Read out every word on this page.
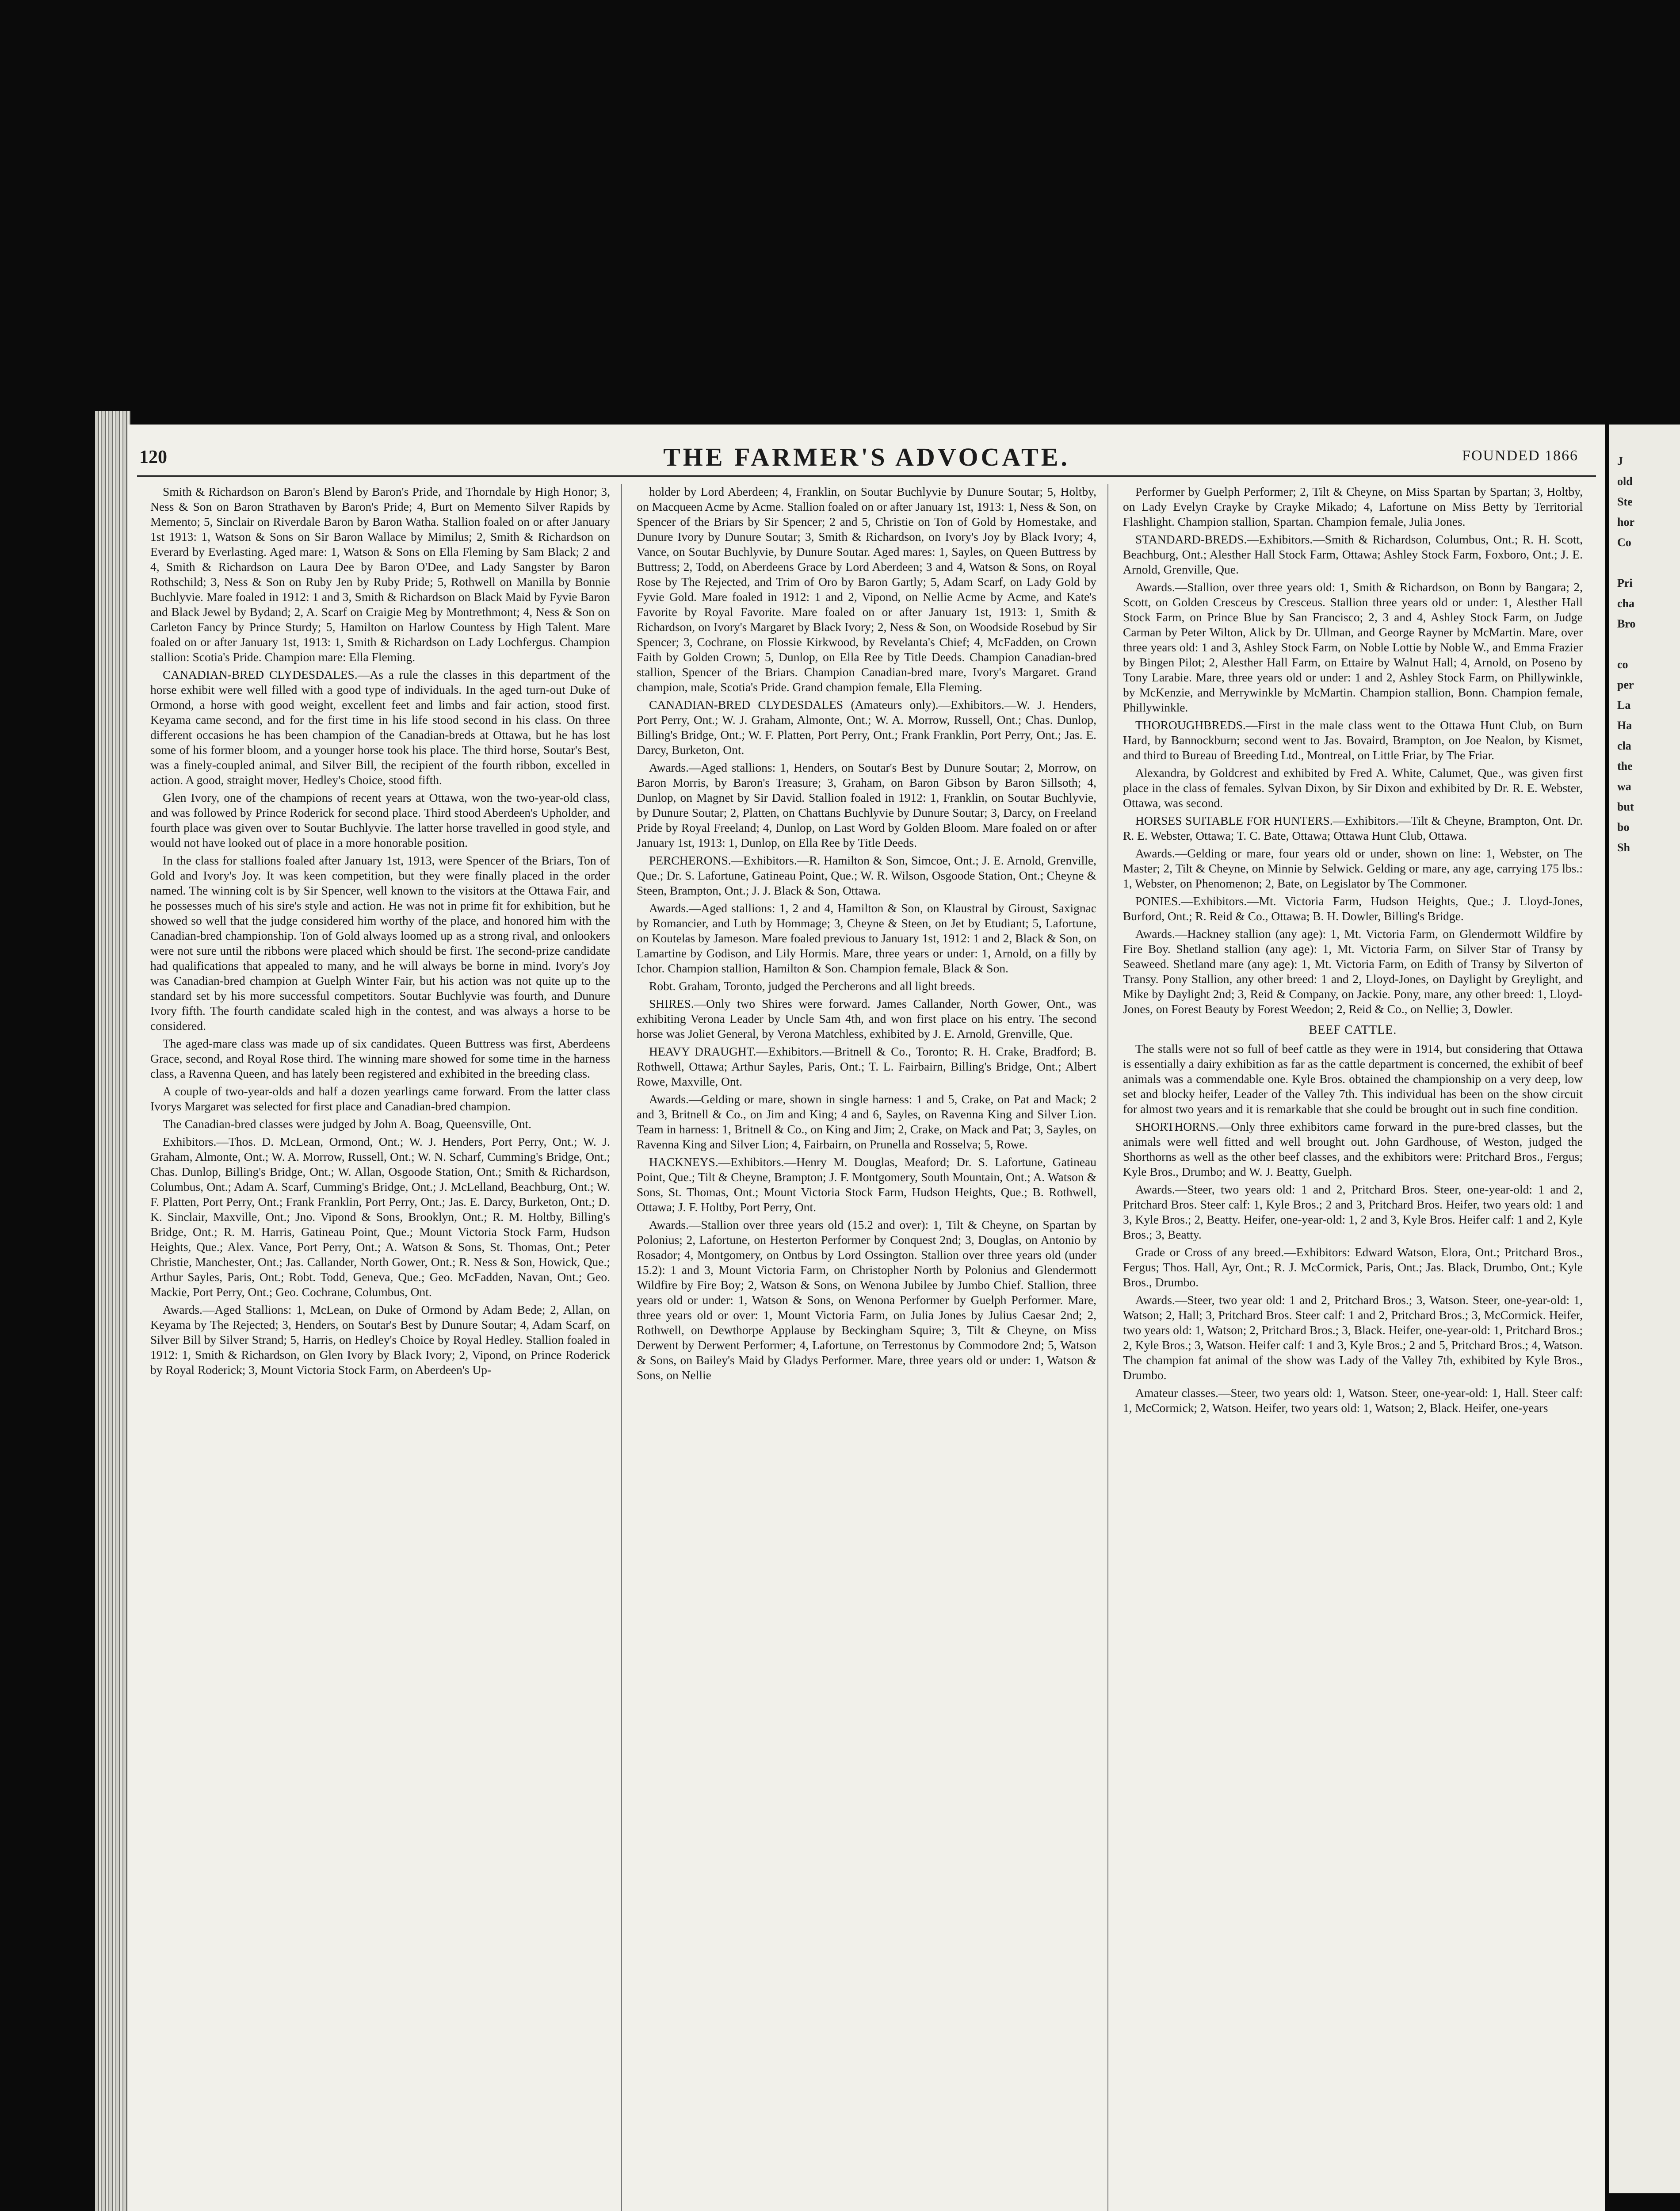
120	THE FARMER'S ADVOCATE.	FOUNDED 1866

Smith & Richardson on Baron's Blend by Baron's Pride, and Thorndale by High Honor; 3, Ness & Son on Baron Strathaven by Baron's Pride; 4, Burt on Memento Silver Rapids by Memento; 5, Sinclair on Riverdale Baron by Baron Watha. Stallion foaled on or after January 1st 1913: 1, Watson & Sons on Sir Baron Wallace by Mimilus; 2, Smith & Richardson on Everard by Everlasting. Aged mare: 1, Watson & Sons on Ella Fleming by Sam Black; 2 and 4, Smith & Richardson on Laura Dee by Baron O'Dee, and Lady Sangster by Baron Rothschild; 3, Ness & Son on Ruby Jen by Ruby Pride; 5, Rothwell on Manilla by Bonnie Buchlyvie. Mare foaled in 1912: 1 and 3, Smith & Richardson on Black Maid by Fyvie Baron and Black Jewel by Bydand; 2, A. Scarf on Craigie Meg by Montrethmont; 4, Ness & Son on Carleton Fancy by Prince Sturdy; 5, Hamilton on Harlow Countess by High Talent. Mare foaled on or after January 1st, 1913: 1, Smith & Richardson on Lady Lochfergus. Champion stallion: Scotia's Pride. Champion mare: Ella Fleming.

CANADIAN-BRED CLYDESDALES.—As a rule the classes in this department of the horse exhibit were well filled with a good type of individuals. In the aged turn-out Duke of Ormond, a horse with good weight, excellent feet and limbs and fair action, stood first. Keyama came second, and for the first time in his life stood second in his class. On three different occasions he has been champion of the Canadian-breds at Ottawa, but he has lost some of his former bloom, and a younger horse took his place. The third horse, Soutar's Best, was a finely-coupled animal, and Silver Bill, the recipient of the fourth ribbon, excelled in action. A good, straight mover, Hedley's Choice, stood fifth.

Glen Ivory, one of the champions of recent years at Ottawa, won the two-year-old class, and was followed by Prince Roderick for second place. Third stood Aberdeen's Upholder, and fourth place was given over to Soutar Buchlyvie. The latter horse travelled in good style, and would not have looked out of place in a more honorable position.

In the class for stallions foaled after January 1st, 1913, were Spencer of the Briars, Ton of Gold and Ivory's Joy. It was keen competition, but they were finally placed in the order named. The winning colt is by Sir Spencer, well known to the visitors at the Ottawa Fair, and he possesses much of his sire's style and action. He was not in prime fit for exhibition, but he showed so well that the judge considered him worthy of the place, and honored him with the Canadian-bred championship. Ton of Gold always loomed up as a strong rival, and onlookers were not sure until the ribbons were placed which should be first. The second-prize candidate had qualifications that appealed to many, and he will always be borne in mind. Ivory's Joy was Canadian-bred champion at Guelph Winter Fair, but his action was not quite up to the standard set by his more successful competitors. Soutar Buchlyvie was fourth, and Dunure Ivory fifth. The fourth candidate scaled high in the contest, and was always a horse to be considered.

The aged-mare class was made up of six candidates. Queen Buttress was first, Aberdeens Grace, second, and Royal Rose third. The winning mare showed for some time in the harness class, a Ravenna Queen, and has lately been registered and exhibited in the breeding class.

A couple of two-year-olds and half a dozen yearlings came forward. From the latter class Ivorys Margaret was selected for first place and Canadian-bred champion.

The Canadian-bred classes were judged by John A. Boag, Queensville, Ont.

Exhibitors.—Thos. D. McLean, Ormond, Ont.; W. J. Henders, Port Perry, Ont.; W. J. Graham, Almonte, Ont.; W. A. Morrow, Russell, Ont.; W. N. Scharf, Cumming's Bridge, Ont.; Chas. Dunlop, Billing's Bridge, Ont.; W. Allan, Osgoode Station, Ont.; Smith & Richardson, Columbus, Ont.; Adam A. Scarf, Cumming's Bridge, Ont.; J. McLelland, Beachburg, Ont.; W. F. Platten, Port Perry, Ont.; Frank Franklin, Port Perry, Ont.; Jas. E. Darcy, Burketon, Ont.; D. K. Sinclair, Maxville, Ont.; Jno. Vipond & Sons, Brooklyn, Ont.; R. M. Holtby, Billing's Bridge, Ont.; R. M. Harris, Gatineau Point, Que.; Mount Victoria Stock Farm, Hudson Heights, Que.; Alex. Vance, Port Perry, Ont.; A. Watson & Sons, St. Thomas, Ont.; Peter Christie, Manchester, Ont.; Jas. Callander, North Gower, Ont.; R. Ness & Son, Howick, Que.; Arthur Sayles, Paris, Ont.; Robt. Todd, Geneva, Que.; Geo. McFadden, Navan, Ont.; Geo. Mackie, Port Perry, Ont.; Geo. Cochrane, Columbus, Ont.

Awards.—Aged Stallions: 1, McLean, on Duke of Ormond by Adam Bede; 2, Allan, on Keyama by The Rejected; 3, Henders, on Soutar's Best by Dunure Soutar; 4, Adam Scarf, on Silver Bill by Silver Strand; 5, Harris, on Hedley's Choice by Royal Hedley. Stallion foaled in 1912: 1, Smith & Richardson, on Glen Ivory by Black Ivory; 2, Vipond, on Prince Roderick by Royal Roderick; 3, Mount Victoria Stock Farm, on Aberdeen's Up-

holder by Lord Aberdeen; 4, Franklin, on Soutar Buchlyvie by Dunure Soutar; 5, Holtby, on Macqueen Acme by Acme. Stallion foaled on or after January 1st, 1913: 1, Ness & Son, on Spencer of the Briars by Sir Spencer; 2 and 5, Christie on Ton of Gold by Homestake, and Dunure Ivory by Dunure Soutar; 3, Smith & Richardson, on Ivory's Joy by Black Ivory; 4, Vance, on Soutar Buchlyvie, by Dunure Soutar. Aged mares: 1, Sayles, on Queen Buttress by Buttress; 2, Todd, on Aberdeens Grace by Lord Aberdeen; 3 and 4, Watson & Sons, on Royal Rose by The Rejected, and Trim of Oro by Baron Gartly; 5, Adam Scarf, on Lady Gold by Fyvie Gold. Mare foaled in 1912: 1 and 2, Vipond, on Nellie Acme by Acme, and Kate's Favorite by Royal Favorite. Mare foaled on or after January 1st, 1913: 1, Smith & Richardson, on Ivory's Margaret by Black Ivory; 2, Ness & Son, on Woodside Rosebud by Sir Spencer; 3, Cochrane, on Flossie Kirkwood, by Revelanta's Chief; 4, McFadden, on Crown Faith by Golden Crown; 5, Dunlop, on Ella Ree by Title Deeds. Champion Canadian-bred stallion, Spencer of the Briars. Champion Canadian-bred mare, Ivory's Margaret. Grand champion, male, Scotia's Pride. Grand champion female, Ella Fleming.

CANADIAN-BRED CLYDESDALES (Amateurs only).—Exhibitors.—W. J. Henders, Port Perry, Ont.; W. J. Graham, Almonte, Ont.; W. A. Morrow, Russell, Ont.; Chas. Dunlop, Billing's Bridge, Ont.; W. F. Platten, Port Perry, Ont.; Frank Franklin, Port Perry, Ont.; Jas. E. Darcy, Burketon, Ont.

Awards.—Aged stallions: 1, Henders, on Soutar's Best by Dunure Soutar; 2, Morrow, on Baron Morris, by Baron's Treasure; 3, Graham, on Baron Gibson by Baron Sillsoth; 4, Dunlop, on Magnet by Sir David. Stallion foaled in 1912: 1, Franklin, on Soutar Buchlyvie, by Dunure Soutar; 2, Platten, on Chattans Buchlyvie by Dunure Soutar; 3, Darcy, on Freeland Pride by Royal Freeland; 4, Dunlop, on Last Word by Golden Bloom. Mare foaled on or after January 1st, 1913: 1, Dunlop, on Ella Ree by Title Deeds.

PERCHERONS.—Exhibitors.—R. Hamilton & Son, Simcoe, Ont.; J. E. Arnold, Grenville, Que.; Dr. S. Lafortune, Gatineau Point, Que.; W. R. Wilson, Osgoode Station, Ont.; Cheyne & Steen, Brampton, Ont.; J. J. Black & Son, Ottawa.

Awards.—Aged stallions: 1, 2 and 4, Hamilton & Son, on Klaustral by Giroust, Saxignac by Romancier, and Luth by Hommage; 3, Cheyne & Steen, on Jet by Etudiant; 5, Lafortune, on Koutelas by Jameson. Mare foaled previous to January 1st, 1912: 1 and 2, Black & Son, on Lamartine by Godison, and Lily Hormis. Mare, three years or under: 1, Arnold, on a filly by Ichor. Champion stallion, Hamilton & Son. Champion female, Black & Son.

Robt. Graham, Toronto, judged the Percherons and all light breeds.

SHIRES.—Only two Shires were forward. James Callander, North Gower, Ont., was exhibiting Verona Leader by Uncle Sam 4th, and won first place on his entry. The second horse was Joliet General, by Verona Matchless, exhibited by J. E. Arnold, Grenville, Que.

HEAVY DRAUGHT.—Exhibitors.—Britnell & Co., Toronto; R. H. Crake, Bradford; B. Rothwell, Ottawa; Arthur Sayles, Paris, Ont.; T. L. Fairbairn, Billing's Bridge, Ont.; Albert Rowe, Maxville, Ont.

Awards.—Gelding or mare, shown in single harness: 1 and 5, Crake, on Pat and Mack; 2 and 3, Britnell & Co., on Jim and King; 4 and 6, Sayles, on Ravenna King and Silver Lion. Team in harness: 1, Britnell & Co., on King and Jim; 2, Crake, on Mack and Pat; 3, Sayles, on Ravenna King and Silver Lion; 4, Fairbairn, on Prunella and Rosselva; 5, Rowe.

HACKNEYS.—Exhibitors.—Henry M. Douglas, Meaford; Dr. S. Lafortune, Gatineau Point, Que.; Tilt & Cheyne, Brampton; J. F. Montgomery, South Mountain, Ont.; A. Watson & Sons, St. Thomas, Ont.; Mount Victoria Stock Farm, Hudson Heights, Que.; B. Rothwell, Ottawa; J. F. Holtby, Port Perry, Ont.

Awards.—Stallion over three years old (15.2 and over): 1, Tilt & Cheyne, on Spartan by Polonius; 2, Lafortune, on Hesterton Performer by Conquest 2nd; 3, Douglas, on Antonio by Rosador; 4, Montgomery, on Ontbus by Lord Ossington. Stallion over three years old (under 15.2): 1 and 3, Mount Victoria Farm, on Christopher North by Polonius and Glendermott Wildfire by Fire Boy; 2, Watson & Sons, on Wenona Jubilee by Jumbo Chief. Stallion, three years old or under: 1, Watson & Sons, on Wenona Performer by Guelph Performer. Mare, three years old or over: 1, Mount Victoria Farm, on Julia Jones by Julius Caesar 2nd; 2, Rothwell, on Dewthorpe Applause by Beckingham Squire; 3, Tilt & Cheyne, on Miss Derwent by Derwent Performer; 4, Lafortune, on Terrestonus by Commodore 2nd; 5, Watson & Sons, on Bailey's Maid by Gladys Performer. Mare, three years old or under: 1, Watson & Sons, on Nellie

Performer by Guelph Performer; 2, Tilt & Cheyne, on Miss Spartan by Spartan; 3, Holtby, on Lady Evelyn Crayke by Crayke Mikado; 4, Lafortune on Miss Betty by Territorial Flashlight. Champion stallion, Spartan. Champion female, Julia Jones.

STANDARD-BREDS.—Exhibitors.—Smith & Richardson, Columbus, Ont.; R. H. Scott, Beachburg, Ont.; Alesther Hall Stock Farm, Ottawa; Ashley Stock Farm, Foxboro, Ont.; J. E. Arnold, Grenville, Que.

Awards.—Stallion, over three years old: 1, Smith & Richardson, on Bonn by Bangara; 2, Scott, on Golden Cresceus by Cresceus. Stallion three years old or under: 1, Alesther Hall Stock Farm, on Prince Blue by San Francisco; 2, 3 and 4, Ashley Stock Farm, on Judge Carman by Peter Wilton, Alick by Dr. Ullman, and George Rayner by McMartin. Mare, over three years old: 1 and 3, Ashley Stock Farm, on Noble Lottie by Noble W., and Emma Frazier by Bingen Pilot; 2, Alesther Hall Farm, on Ettaire by Walnut Hall; 4, Arnold, on Poseno by Tony Larabie. Mare, three years old or under: 1 and 2, Ashley Stock Farm, on Phillywinkle, by McKenzie, and Merrywinkle by McMartin. Champion stallion, Bonn. Champion female, Phillywinkle.

THOROUGHBREDS.—First in the male class went to the Ottawa Hunt Club, on Burn Hard, by Bannockburn; second went to Jas. Bovaird, Brampton, on Joe Nealon, by Kismet, and third to Bureau of Breeding Ltd., Montreal, on Little Friar, by The Friar.

Alexandra, by Goldcrest and exhibited by Fred A. White, Calumet, Que., was given first place in the class of females. Sylvan Dixon, by Sir Dixon and exhibited by Dr. R. E. Webster, Ottawa, was second.

HORSES SUITABLE FOR HUNTERS.—Exhibitors.—Tilt & Cheyne, Brampton, Ont. Dr. R. E. Webster, Ottawa; T. C. Bate, Ottawa; Ottawa Hunt Club, Ottawa.

Awards.—Gelding or mare, four years old or under, shown on line: 1, Webster, on The Master; 2, Tilt & Cheyne, on Minnie by Selwick. Gelding or mare, any age, carrying 175 lbs.: 1, Webster, on Phenomenon; 2, Bate, on Legislator by The Commoner.

PONIES.—Exhibitors.—Mt. Victoria Farm, Hudson Heights, Que.; J. Lloyd-Jones, Burford, Ont.; R. Reid & Co., Ottawa; B. H. Dowler, Billing's Bridge.

Awards.—Hackney stallion (any age): 1, Mt. Victoria Farm, on Glendermott Wildfire by Fire Boy. Shetland stallion (any age): 1, Mt. Victoria Farm, on Silver Star of Transy by Seaweed. Shetland mare (any age): 1, Mt. Victoria Farm, on Edith of Transy by Silverton of Transy. Pony Stallion, any other breed: 1 and 2, Lloyd-Jones, on Daylight by Greylight, and Mike by Daylight 2nd; 3, Reid & Company, on Jackie. Pony, mare, any other breed: 1, Lloyd-Jones, on Forest Beauty by Forest Weedon; 2, Reid & Co., on Nellie; 3, Dowler.

BEEF CATTLE.

The stalls were not so full of beef cattle as they were in 1914, but considering that Ottawa is essentially a dairy exhibition as far as the cattle department is concerned, the exhibit of beef animals was a commendable one. Kyle Bros. obtained the championship on a very deep, low set and blocky heifer, Leader of the Valley 7th. This individual has been on the show circuit for almost two years and it is remarkable that she could be brought out in such fine condition.

SHORTHORNS.—Only three exhibitors came forward in the pure-bred classes, but the animals were well fitted and well brought out. John Gardhouse, of Weston, judged the Shorthorns as well as the other beef classes, and the exhibitors were: Pritchard Bros., Fergus; Kyle Bros., Drumbo; and W. J. Beatty, Guelph.

Awards.—Steer, two years old: 1 and 2, Pritchard Bros. Steer, one-year-old: 1 and 2, Pritchard Bros. Steer calf: 1, Kyle Bros.; 2 and 3, Pritchard Bros. Heifer, two years old: 1 and 3, Kyle Bros.; 2, Beatty. Heifer, one-year-old: 1, 2 and 3, Kyle Bros. Heifer calf: 1 and 2, Kyle Bros.; 3, Beatty.

Grade or Cross of any breed.—Exhibitors: Edward Watson, Elora, Ont.; Pritchard Bros., Fergus; Thos. Hall, Ayr, Ont.; R. J. McCormick, Paris, Ont.; Jas. Black, Drumbo, Ont.; Kyle Bros., Drumbo.

Awards.—Steer, two year old: 1 and 2, Pritchard Bros.; 3, Watson. Steer, one-year-old: 1, Watson; 2, Hall; 3, Pritchard Bros. Steer calf: 1 and 2, Pritchard Bros.; 3, McCormick. Heifer, two years old: 1, Watson; 2, Pritchard Bros.; 3, Black. Heifer, one-year-old: 1, Pritchard Bros.; 2, Kyle Bros.; 3, Watson. Heifer calf: 1 and 3, Kyle Bros.; 2 and 5, Pritchard Bros.; 4, Watson. The champion fat animal of the show was Lady of the Valley 7th, exhibited by Kyle Bros., Drumbo.

Amateur classes.—Steer, two years old: 1, Watson. Steer, one-year-old: 1, Hall. Steer calf: 1, McCormick; 2, Watson. Heifer, two years old: 1, Watson; 2, Black. Heifer, one-years

J
old
Ste
hor
Co

Pri
cha
Bro

co
per
La
Ha
cla
the
wa
but
bo
Sh
